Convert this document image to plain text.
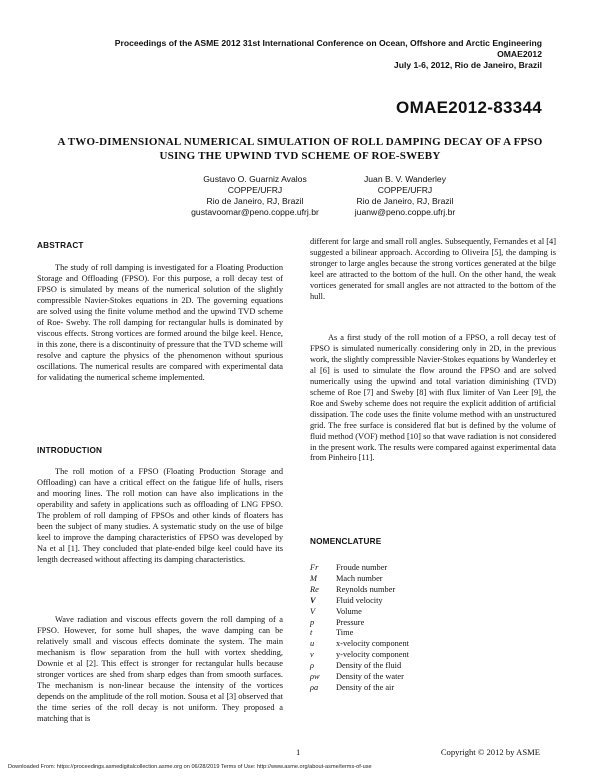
Proceedings of the ASME 2012 31st International Conference on Ocean, Offshore and Arctic Engineering
OMAE2012
July 1-6, 2012, Rio de Janeiro, Brazil
OMAE2012-83344
A TWO-DIMENSIONAL NUMERICAL SIMULATION OF ROLL DAMPING DECAY OF A FPSO
USING THE UPWIND TVD SCHEME OF ROE-SWEBY
Gustavo O. Guarniz Avalos
COPPE/UFRJ
Rio de Janeiro, RJ, Brazil
gustavoomar@peno.coppe.ufrj.br
Juan B. V. Wanderley
COPPE/UFRJ
Rio de Janeiro, RJ, Brazil
juanw@peno.coppe.ufrj.br
ABSTRACT

The study of roll damping is investigated for a Floating Production Storage and Offloading (FPSO). For this purpose, a roll decay test of FPSO is simulated by means of the numerical solution of the slightly compressible Navier-Stokes equations in 2D. The governing equations are solved using the finite volume method and the upwind TVD scheme of Roe- Sweby. The roll damping for rectangular hulls is dominated by viscous effects. Strong vortices are formed around the bilge keel. Hence, in this zone, there is a discontinuity of pressure that the TVD scheme will resolve and capture the physics of the phenomenon without spurious oscillations. The numerical results are compared with experimental data for validating the numerical scheme implemented.

INTRODUCTION

The roll motion of a FPSO (Floating Production Storage and Offloading) can have a critical effect on the fatigue life of hulls, risers and mooring lines. The roll motion can have also implications in the operability and safety in applications such as offloading of LNG FPSO. The problem of roll damping of FPSOs and other kinds of floaters has been the subject of many studies. A systematic study on the use of bilge keel to improve the damping characteristics of FPSO was developed by Na et al [1]. They concluded that plate-ended bilge keel could have its length decreased without affecting its damping characteristics.

Wave radiation and viscous effects govern the roll damping of a FPSO. However, for some hull shapes, the wave damping can be relatively small and viscous effects dominate the system. The main mechanism is flow separation from the hull with vortex shedding, Downie et al [2]. This effect is stronger for rectangular hulls because stronger vortices are shed from sharp edges than from smooth surfaces. The mechanism is non-linear because the intensity of the vortices depends on the amplitude of the roll motion. Sousa et al [3] observed that the time series of the roll decay is not uniform. They proposed a matching that is

different for large and small roll angles. Subsequently, Fernandes et al [4] suggested a bilinear approach. According to Oliveira [5], the damping is stronger to large angles because the strong vortices generated at the bilge keel are attracted to the bottom of the hull. On the other hand, the weak vortices generated for small angles are not attracted to the bottom of the hull.

As a first study of the roll motion of a FPSO, a roll decay test of FPSO is simulated numerically considering only in 2D, in the previous work, the slightly compressible Navier-Stokes equations by Wanderley et al [6] is used to simulate the flow around the FPSO and are solved numerically using the upwind and total variation diminishing (TVD) scheme of Roe [7] and Sweby [8] with flux limiter of Van Leer [9], the Roe and Sweby scheme does not require the explicit addition of artificial dissipation. The code uses the finite volume method with an unstructured grid. The free surface is considered flat but is defined by the volume of fluid method (VOF) method [10] so that wave radiation is not considered in the present work. The results were compared against experimental data from Pinheiro [11].

NOMENCLATURE
Fr	Froude number
M	Mach number
Re	Reynolds number
V	Fluid velocity
V	Volume
p	Pressure
t	Time
u	x-velocity component
v	y-velocity component
ρ	Density of the fluid
ρw	Density of the water
ρa	Density of the air
1	Copyright © 2012 by ASME
Downloaded From: https://proceedings.asmedigitalcollection.asme.org on 06/28/2019 Terms of Use: http://www.asme.org/about-asme/terms-of-use
